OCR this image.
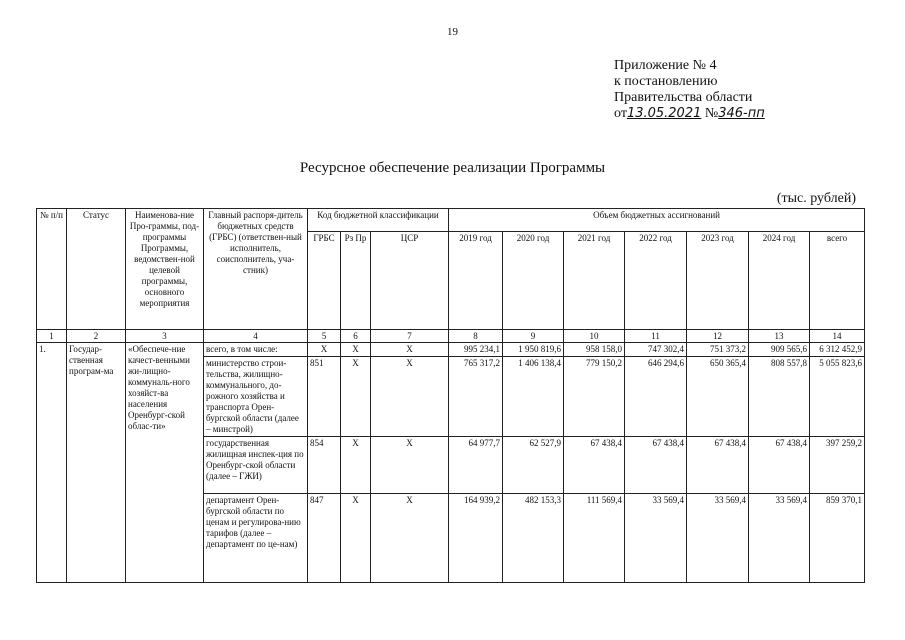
19
Приложение № 4
к постановлению
Правительства области
от13.05.2021 №346-пп
Ресурсное обеспечение реализации Программы
(тыс. рублей)
№ п/п	Статус	Наименова-ние Про-граммы, под-программы Программы, ведомствен-ной целевой программы, основного мероприятия	Главный распоря-дитель бюджетных средств (ГРБС) (ответствен-ный исполнитель, соисполнитель, уча-стник)	Код бюджетной классификации			Объем бюджетных ассигнований						
				ГРБС	Рз Пр	ЦСР	2019 год	2020 год	2021 год	2022 год	2023 год	2024 год	всего
1	2	3	4	5	6	7	8	9	10	11	12	13	14
1.	Государ-ственная програм-ма	«Обеспече-ние качест-венными жи-лищно-коммуналь-ного хозяйст-ва населения Оренбург-ской облас-ти»	всего, в том числе:	X	X	X	995 234,1	1 950 819,6	958 158,0	747 302,4	751 373,2	909 565,6	6 312 452,9
			министерство строи-тельства, жилищно-коммунального, до-рожного хозяйства и транспорта Орен-бургской области (далее – минстрой)	851	X	X	765 317,2	1 406 138,4	779 150,2	646 294,6	650 365,4	808 557,8	5 055 823,6
			государственная жилищная инспек-ция по Оренбург-ской области (далее – ГЖИ)	854	X	X	64 977,7	62 527,9	67 438,4	67 438,4	67 438,4	67 438,4	397 259,2
			департамент Орен-бургской области по ценам и регулирова-нию тарифов (далее – департамент по це-нам)	847	X	X	164 939,2	482 153,3	111 569,4	33 569,4	33 569,4	33 569,4	859 370,1
